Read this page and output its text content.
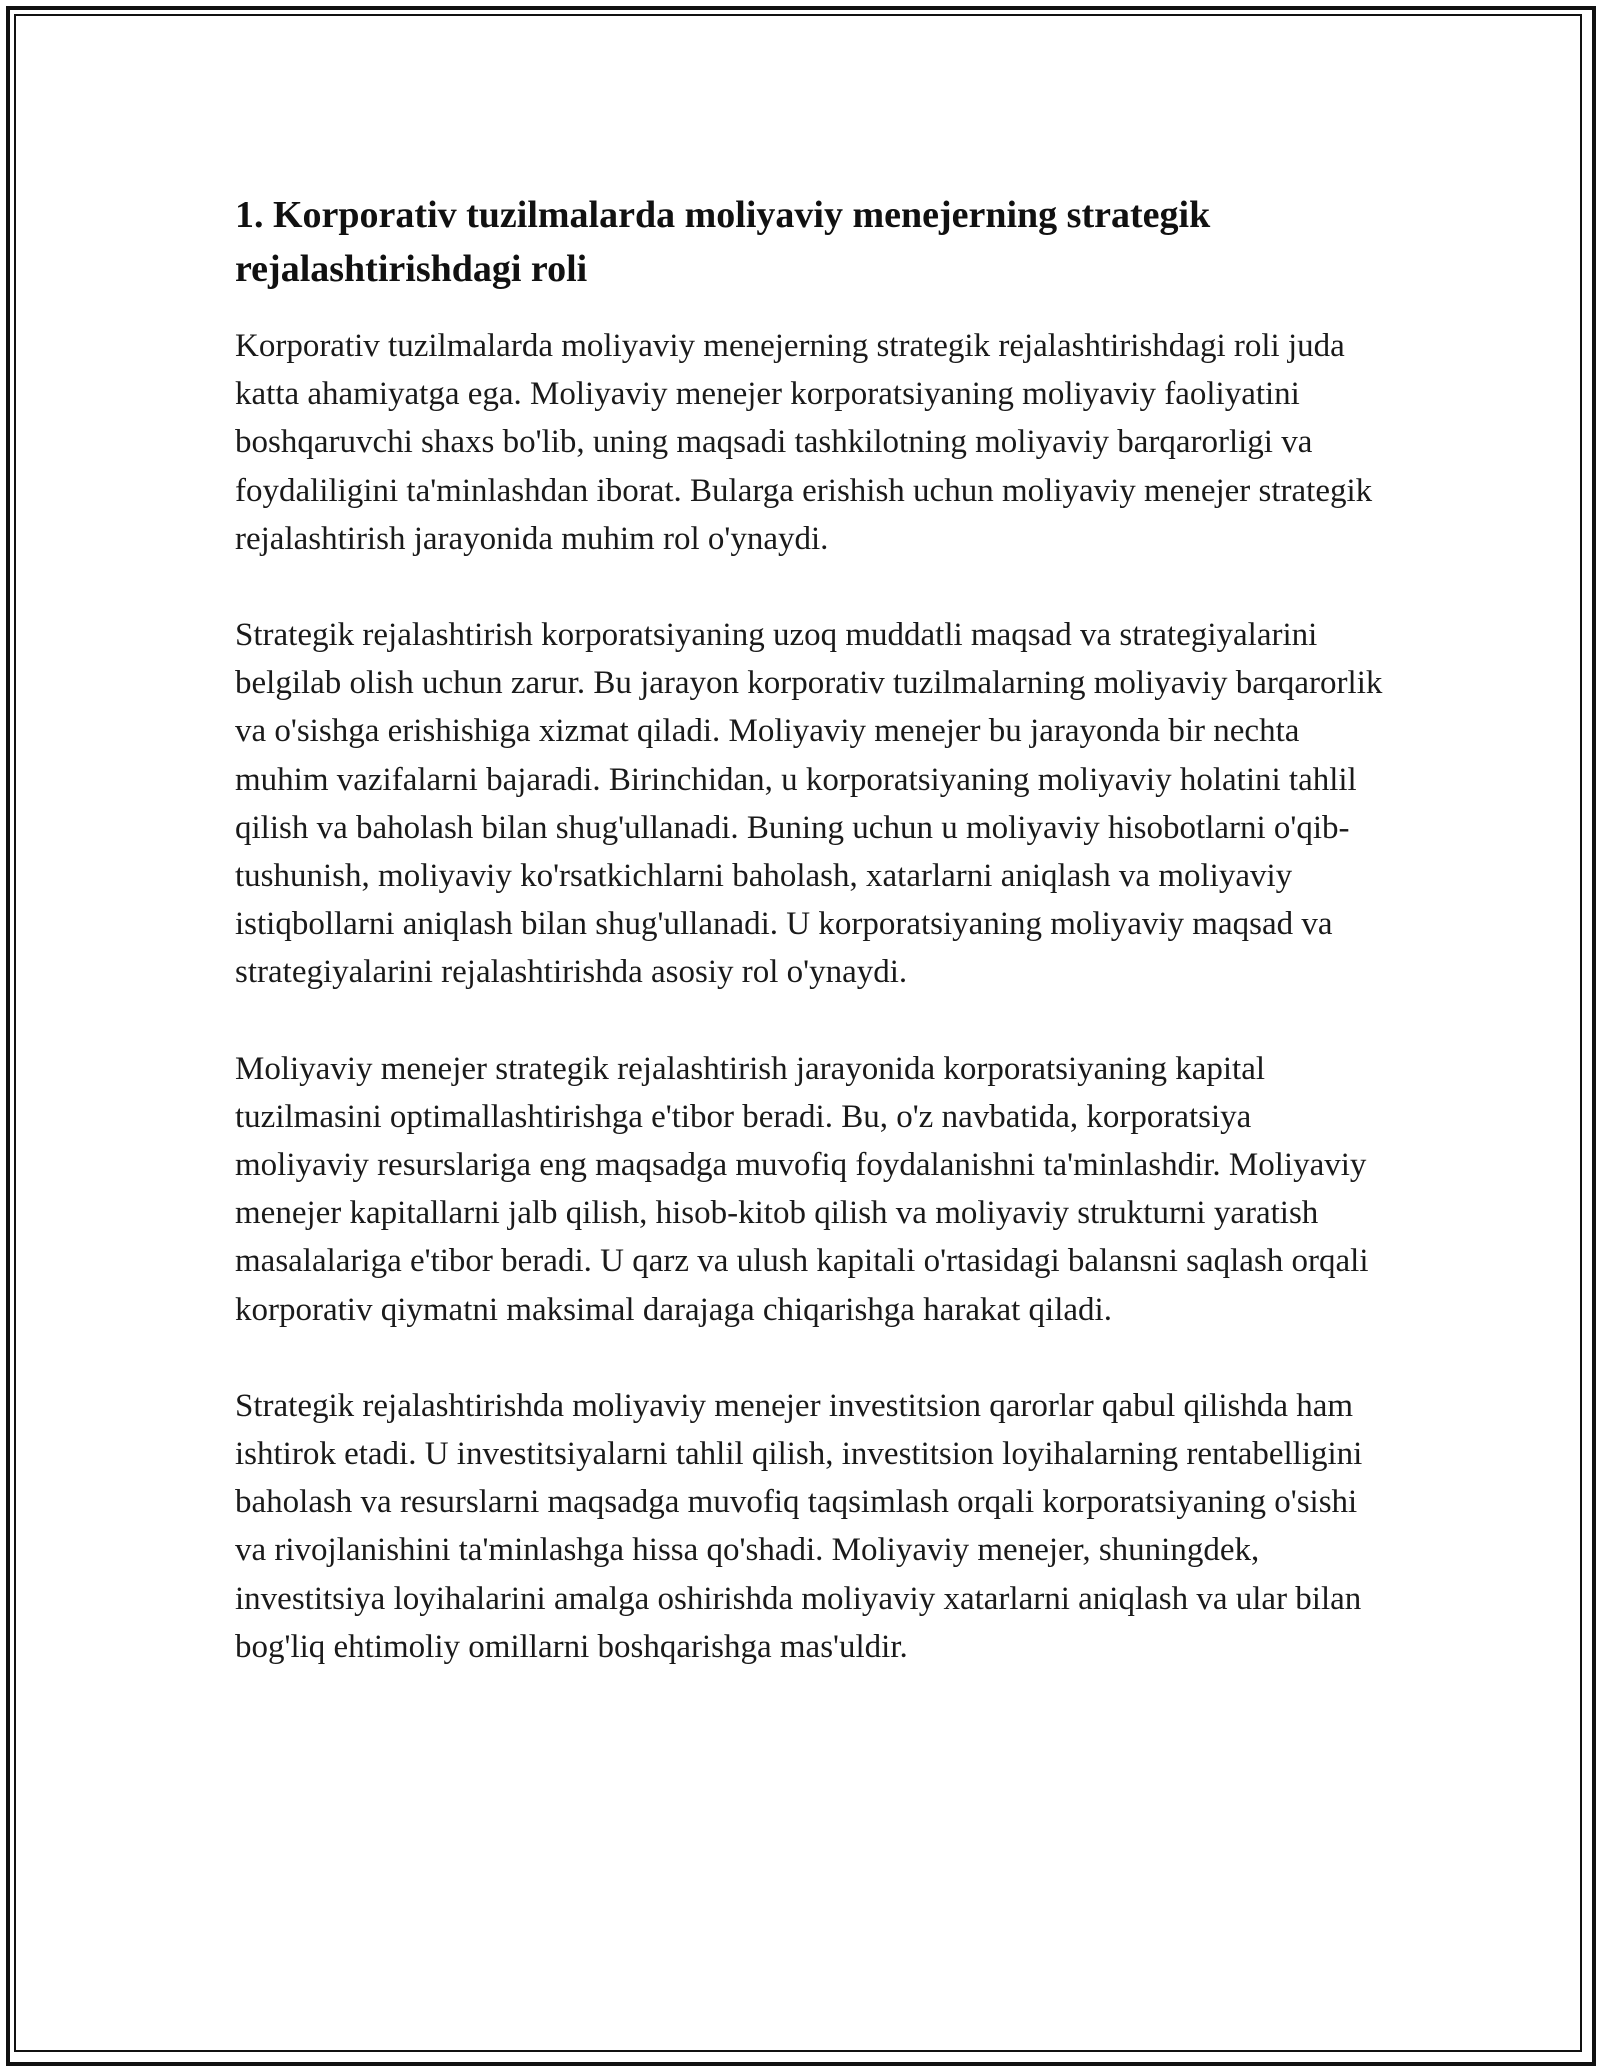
1. Korporativ tuzilmalarda moliyaviy menejerning strategik rejalashtirishdagi roli

Korporativ tuzilmalarda moliyaviy menejerning strategik rejalashtirishdagi roli juda katta ahamiyatga ega. Moliyaviy menejer korporatsiyaning moliyaviy faoliyatini boshqaruvchi shaxs bo'lib, uning maqsadi tashkilotning moliyaviy barqarorligi va foydaliligini ta'minlashdan iborat. Bularga erishish uchun moliyaviy menejer strategik rejalashtirish jarayonida muhim rol o'ynaydi.

Strategik rejalashtirish korporatsiyaning uzoq muddatli maqsad va strategiyalarini belgilab olish uchun zarur. Bu jarayon korporativ tuzilmalarning moliyaviy barqarorlik va o'sishga erishishiga xizmat qiladi. Moliyaviy menejer bu jarayonda bir nechta muhim vazifalarni bajaradi. Birinchidan, u korporatsiyaning moliyaviy holatini tahlil qilish va baholash bilan shug'ullanadi. Buning uchun u moliyaviy hisobotlarni o'qib-tushunish, moliyaviy ko'rsatkichlarni baholash, xatarlarni aniqlash va moliyaviy istiqbollarni aniqlash bilan shug'ullanadi. U korporatsiyaning moliyaviy maqsad va strategiyalarini rejalashtirishda asosiy rol o'ynaydi.

Moliyaviy menejer strategik rejalashtirish jarayonida korporatsiyaning kapital tuzilmasini optimallashtirishga e'tibor beradi. Bu, o'z navbatida, korporatsiya moliyaviy resurslariga eng maqsadga muvofiq foydalanishni ta'minlashdir. Moliyaviy menejer kapitallarni jalb qilish, hisob-kitob qilish va moliyaviy strukturni yaratish masalalariga e'tibor beradi. U qarz va ulush kapitali o'rtasidagi balansni saqlash orqali korporativ qiymatni maksimal darajaga chiqarishga harakat qiladi.

Strategik rejalashtirishda moliyaviy menejer investitsion qarorlar qabul qilishda ham ishtirok etadi. U investitsiyalarni tahlil qilish, investitsion loyihalarning rentabelligini baholash va resurslarni maqsadga muvofiq taqsimlash orqali korporatsiyaning o'sishi va rivojlanishini ta'minlashga hissa qo'shadi. Moliyaviy menejer, shuningdek, investitsiya loyihalarini amalga oshirishda moliyaviy xatarlarni aniqlash va ular bilan bog'liq ehtimoliy omillarni boshqarishga mas'uldir.
